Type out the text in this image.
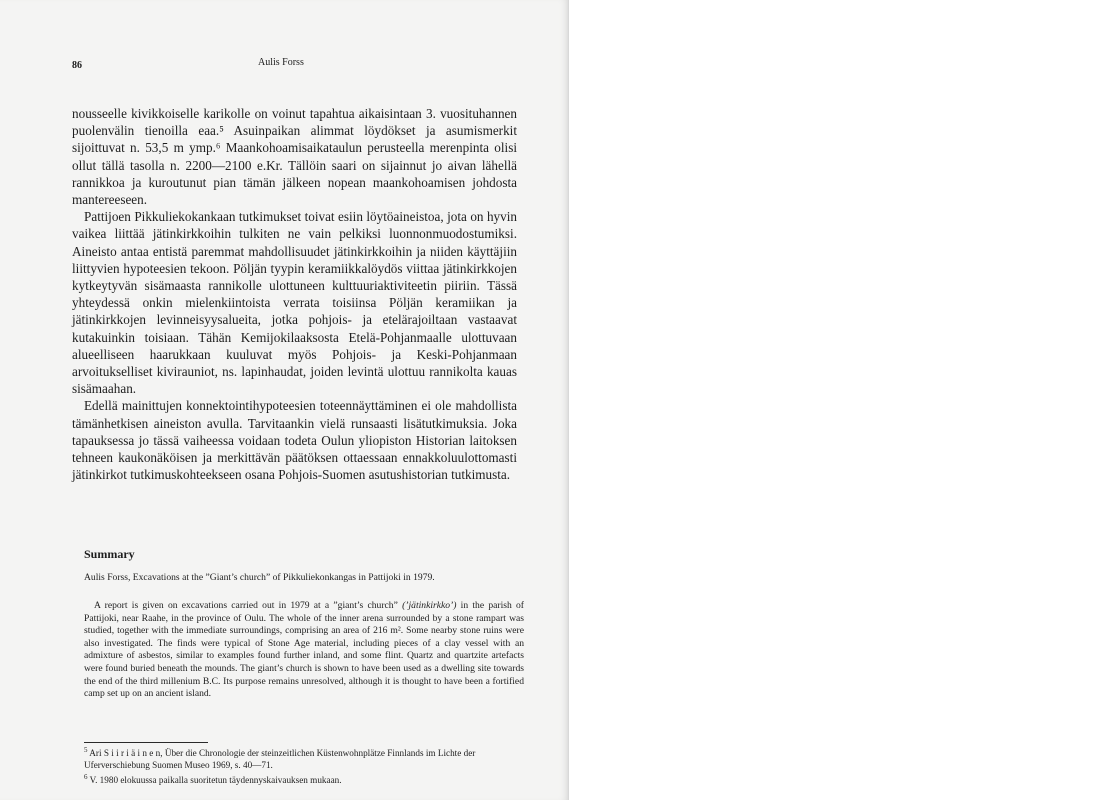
86	Aulis Forss

nousseelle kivikkoiselle karikolle on voinut tapahtua aikaisintaan 3. vuosituhannen puolenvälin tienoilla eaa.⁵ Asuinpaikan alimmat löydökset ja asumismerkit sijoittuvat n. 53,5 m ymp.⁶ Maankohoamisaikataulun perusteella merenpinta olisi ollut tällä tasolla n. 2200—2100 e.Kr. Tällöin saari on sijainnut jo aivan lähellä rannikkoa ja kuroutunut pian tämän jälkeen nopean maankohoamisen johdosta mantereeseen.

Pattijoen Pikkuliekokankaan tutkimukset toivat esiin löytöaineistoa, jota on hyvin vaikea liittää jätinkirkkoihin tulkiten ne vain pelkiksi luonnonmuodostumiksi. Aineisto antaa entistä paremmat mahdollisuudet jätinkirkkoihin ja niiden käyttäjiin liittyvien hypoteesien tekoon. Pöljän tyypin keramiikkalöydös viittaa jätinkirkkojen kytkeytyvän sisämaasta rannikolle ulottuneen kulttuuriaktiviteetin piiriin. Tässä yhteydessä onkin mielenkiintoista verrata toisiinsa Pöljän keramiikan ja jätinkirkkojen levinneisyysalueita, jotka pohjois- ja etelärajoiltaan vastaavat kutakuinkin toisiaan. Tähän Kemijokilaaksosta Etelä-Pohjanmaalle ulottuvaan alueelliseen haarukkaan kuuluvat myös Pohjois- ja Keski-Pohjanmaan arvoitukselliset kivirauniot, ns. lapinhaudat, joiden levintä ulottuu rannikolta kauas sisämaahan.

Edellä mainittujen konnektointihypoteesien toteennäyttäminen ei ole mahdollista tämänhetkisen aineiston avulla. Tarvitaankin vielä runsaasti lisätutkimuksia. Joka tapauksessa jo tässä vaiheessa voidaan todeta Oulun yliopiston Historian laitoksen tehneen kaukonäköisen ja merkittävän päätöksen ottaessaan ennakkoluulottomasti jätinkirkot tutkimuskohteekseen osana Pohjois-Suomen asutushistorian tutkimusta.

Summary
Aulis Forss, Excavations at the ”Giant’s church” of Pikkuliekonkangas in Pattijoki in 1979.

A report is given on excavations carried out in 1979 at a ”giant’s church” (’jätinkirkko’) in the parish of Pattijoki, near Raahe, in the province of Oulu. The whole of the inner arena surrounded by a stone rampart was studied, together with the immediate surroundings, comprising an area of 216 m². Some nearby stone ruins were also investigated. The finds were typical of Stone Age material, including pieces of a clay vessel with an admixture of asbestos, similar to examples found further inland, and some flint. Quartz and quartzite artefacts were found buried beneath the mounds. The giant’s church is shown to have been used as a dwelling site towards the end of the third millenium B.C. Its purpose remains unresolved, although it is thought to have been a fortified camp set up on an ancient island.

$^5$ Ari S i i r i ä i n e n, Über die Chronologie der steinzeitlichen Küstenwohnplätze Finnlands im Lichte der Uferverschiebung Suomen Museo 1969, s. 40—71.

$^6$ V. 1980 elokuussa paikalla suoritetun täydennyskaivauksen mukaan.
